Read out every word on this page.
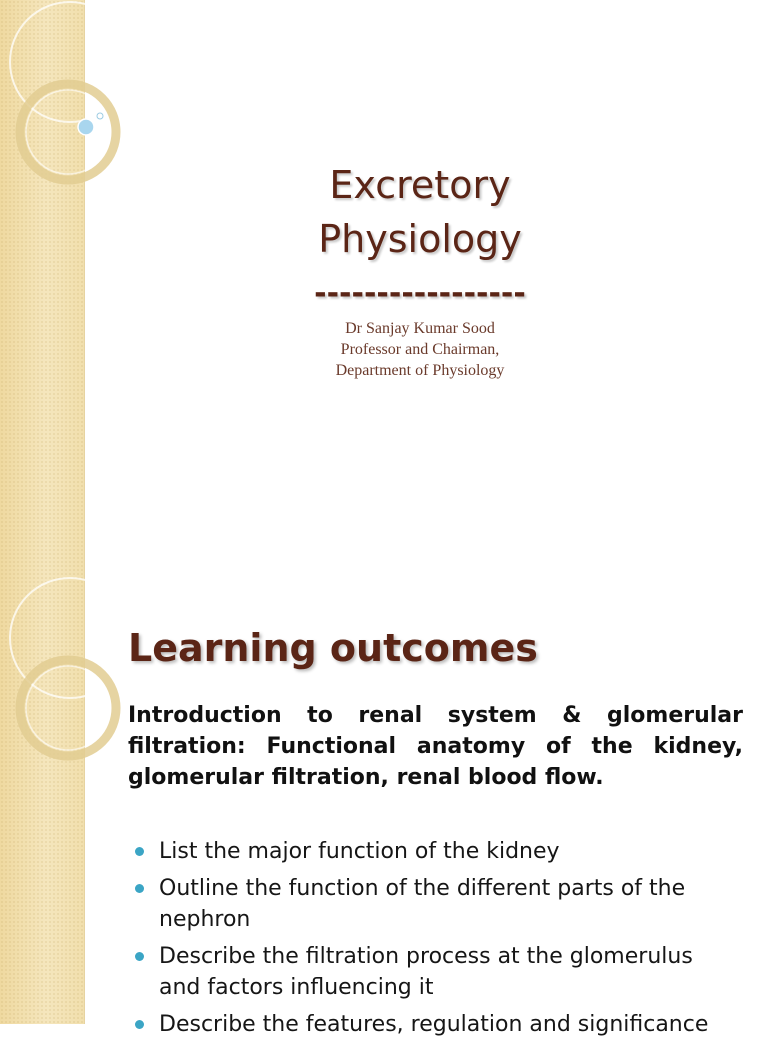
Excretory
Physiology
-----------------
Dr Sanjay Kumar Sood
Professor and Chairman,
Department of Physiology
Learning outcomes

Introduction to renal system & glomerular filtration: Functional anatomy of the kidney, glomerular filtration, renal blood flow.

List the major function of the kidney
Outline the function of the different parts of the nephron
Describe the filtration process at the glomerulus and factors influencing it
Describe the features, regulation and significance
